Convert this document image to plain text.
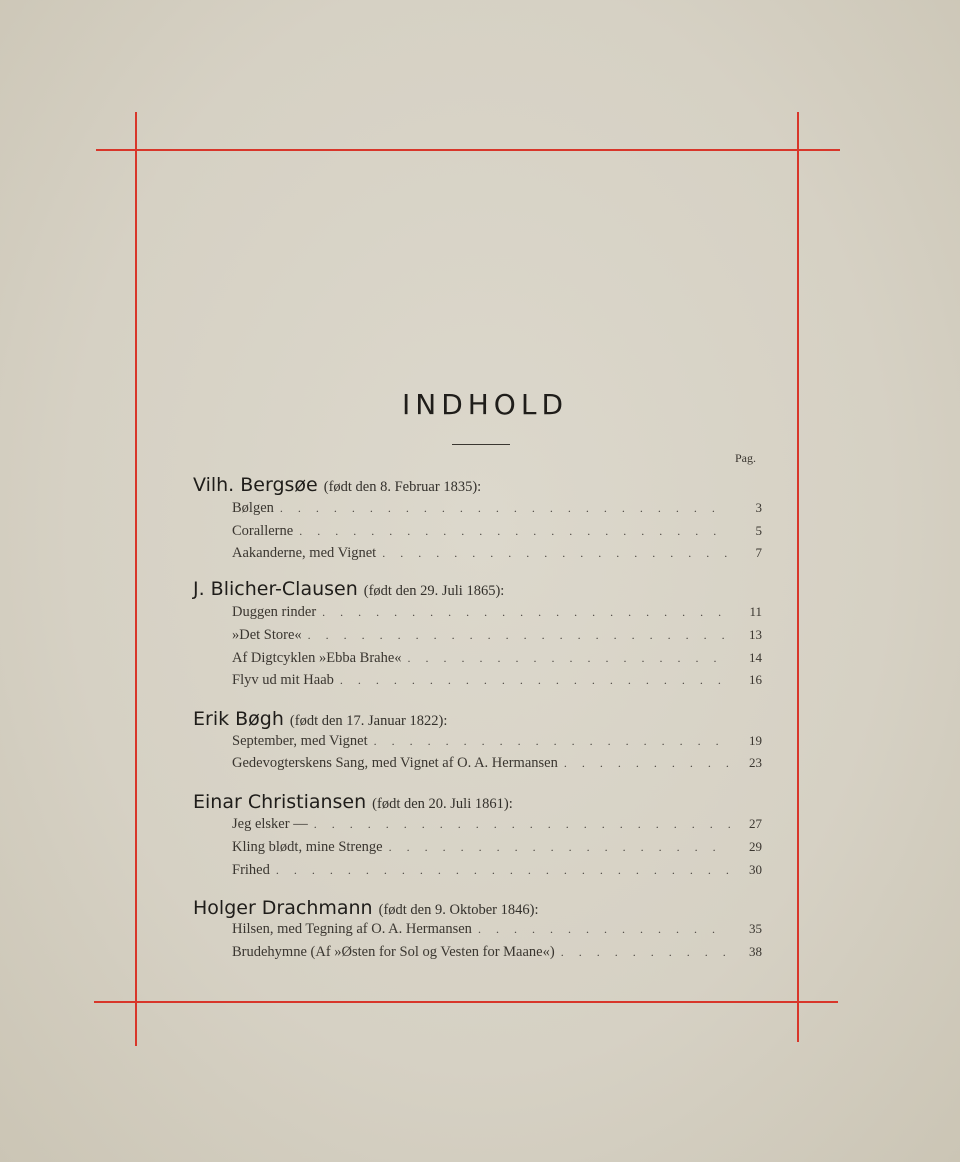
INDHOLD
Pag.
Vilh. Bergsøe (født den 8. Februar 1835):
Bølgen . . .	3
Corallerne . . .	5
Aakanderne, med Vignet . . .	7
J. Blicher-Clausen (født den 29. Juli 1865):
Duggen rinder . . .	11
»Det Store« . . .	13
Af Digtcyklen »Ebba Brahe« . . .	14
Flyv ud mit Haab . . .	16
Erik Bøgh (født den 17. Januar 1822):
September, med Vignet . . .	19
Gedevogterskens Sang, med Vignet af O. A. Hermansen . . .	23
Einar Christiansen (født den 20. Juli 1861):
Jeg elsker — . . .	27
Kling blødt, mine Strenge . . .	29
Frihed . . .	30
Holger Drachmann (født den 9. Oktober 1846):
Hilsen, med Tegning af O. A. Hermansen . . .	35
Brudehymne (Af »Østen for Sol og Vesten for Maane«) . . .	38
